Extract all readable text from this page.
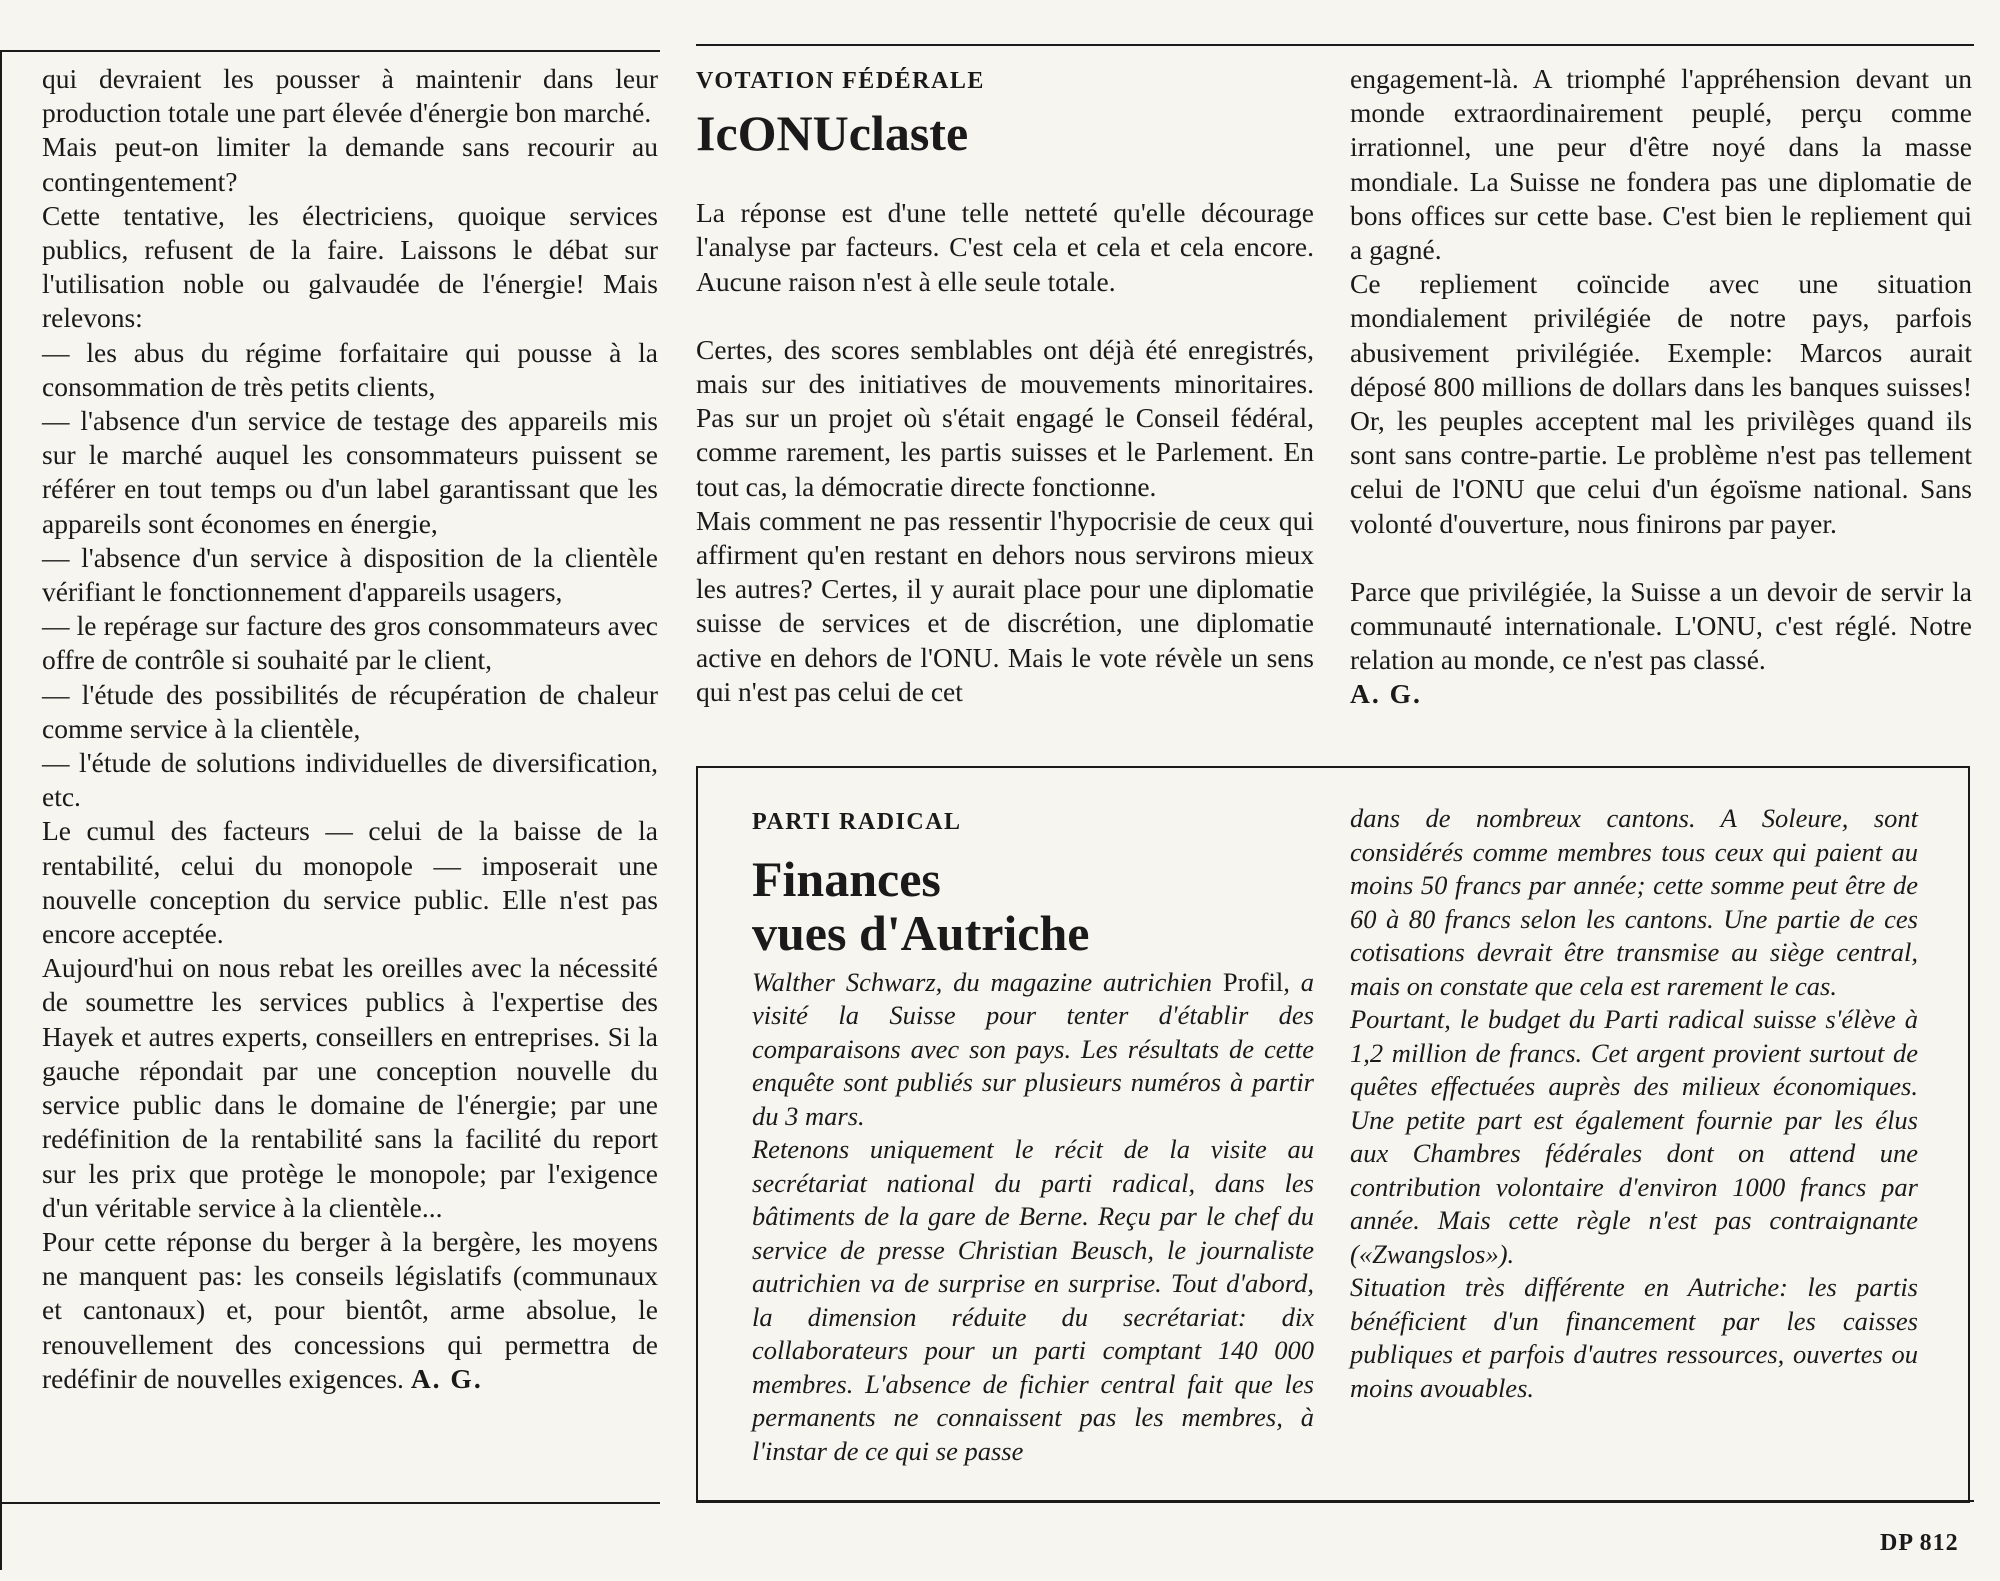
qui devraient les pousser à maintenir dans leur production totale une part élevée d'énergie bon marché.

Mais peut-on limiter la demande sans recourir au contingentement?

Cette tentative, les électriciens, quoique services publics, refusent de la faire. Laissons le débat sur l'utilisation noble ou galvaudée de l'énergie! Mais relevons:

— les abus du régime forfaitaire qui pousse à la consommation de très petits clients,

— l'absence d'un service de testage des appareils mis sur le marché auquel les consommateurs puissent se référer en tout temps ou d'un label garantissant que les appareils sont économes en énergie,

— l'absence d'un service à disposition de la clientèle vérifiant le fonctionnement d'appareils usagers,

— le repérage sur facture des gros consommateurs avec offre de contrôle si souhaité par le client,

— l'étude des possibilités de récupération de chaleur comme service à la clientèle,

— l'étude de solutions individuelles de diversification, etc.

Le cumul des facteurs — celui de la baisse de la rentabilité, celui du monopole — imposerait une nouvelle conception du service public. Elle n'est pas encore acceptée.

Aujourd'hui on nous rebat les oreilles avec la nécessité de soumettre les services publics à l'expertise des Hayek et autres experts, conseillers en entreprises. Si la gauche répondait par une conception nouvelle du service public dans le domaine de l'énergie; par une redéfinition de la rentabilité sans la facilité du report sur les prix que protège le monopole; par l'exigence d'un véritable service à la clientèle...

Pour cette réponse du berger à la bergère, les moyens ne manquent pas: les conseils législatifs (communaux et cantonaux) et, pour bientôt, arme absolue, le renouvellement des concessions qui permettra de redéfinir de nouvelles exigences. A. G.

VOTATION FÉDÉRALE

IcONUclaste

La réponse est d'une telle netteté qu'elle décourage l'analyse par facteurs. C'est cela et cela et cela encore. Aucune raison n'est à elle seule totale.

Certes, des scores semblables ont déjà été enregistrés, mais sur des initiatives de mouvements minoritaires. Pas sur un projet où s'était engagé le Conseil fédéral, comme rarement, les partis suisses et le Parlement. En tout cas, la démocratie directe fonctionne.

Mais comment ne pas ressentir l'hypocrisie de ceux qui affirment qu'en restant en dehors nous servirons mieux les autres? Certes, il y aurait place pour une diplomatie suisse de services et de discrétion, une diplomatie active en dehors de l'ONU. Mais le vote révèle un sens qui n'est pas celui de cet

engagement-là. A triomphé l'appréhension devant un monde extraordinairement peuplé, perçu comme irrationnel, une peur d'être noyé dans la masse mondiale. La Suisse ne fondera pas une diplomatie de bons offices sur cette base. C'est bien le repliement qui a gagné.

Ce repliement coïncide avec une situation mondialement privilégiée de notre pays, parfois abusivement privilégiée. Exemple: Marcos aurait déposé 800 millions de dollars dans les banques suisses! Or, les peuples acceptent mal les privilèges quand ils sont sans contre-partie. Le problème n'est pas tellement celui de l'ONU que celui d'un égoïsme national. Sans volonté d'ouverture, nous finirons par payer.

Parce que privilégiée, la Suisse a un devoir de servir la communauté internationale. L'ONU, c'est réglé. Notre relation au monde, ce n'est pas classé.

A. G.

PARTI RADICAL

Finances
vues d'Autriche

Walther Schwarz, du magazine autrichien Profil, a visité la Suisse pour tenter d'établir des comparaisons avec son pays. Les résultats de cette enquête sont publiés sur plusieurs numéros à partir du 3 mars.

Retenons uniquement le récit de la visite au secrétariat national du parti radical, dans les bâtiments de la gare de Berne. Reçu par le chef du service de presse Christian Beusch, le journaliste autrichien va de surprise en surprise. Tout d'abord, la dimension réduite du secrétariat: dix collaborateurs pour un parti comptant 140 000 membres. L'absence de fichier central fait que les permanents ne connaissent pas les membres, à l'instar de ce qui se passe

dans de nombreux cantons. A Soleure, sont considérés comme membres tous ceux qui paient au moins 50 francs par année; cette somme peut être de 60 à 80 francs selon les cantons. Une partie de ces cotisations devrait être transmise au siège central, mais on constate que cela est rarement le cas.

Pourtant, le budget du Parti radical suisse s'élève à 1,2 million de francs. Cet argent provient surtout de quêtes effectuées auprès des milieux économiques. Une petite part est également fournie par les élus aux Chambres fédérales dont on attend une contribution volontaire d'environ 1000 francs par année. Mais cette règle n'est pas contraignante («Zwangslos»).

Situation très différente en Autriche: les partis bénéficient d'un financement par les caisses publiques et parfois d'autres ressources, ouvertes ou moins avouables.

DP 812
